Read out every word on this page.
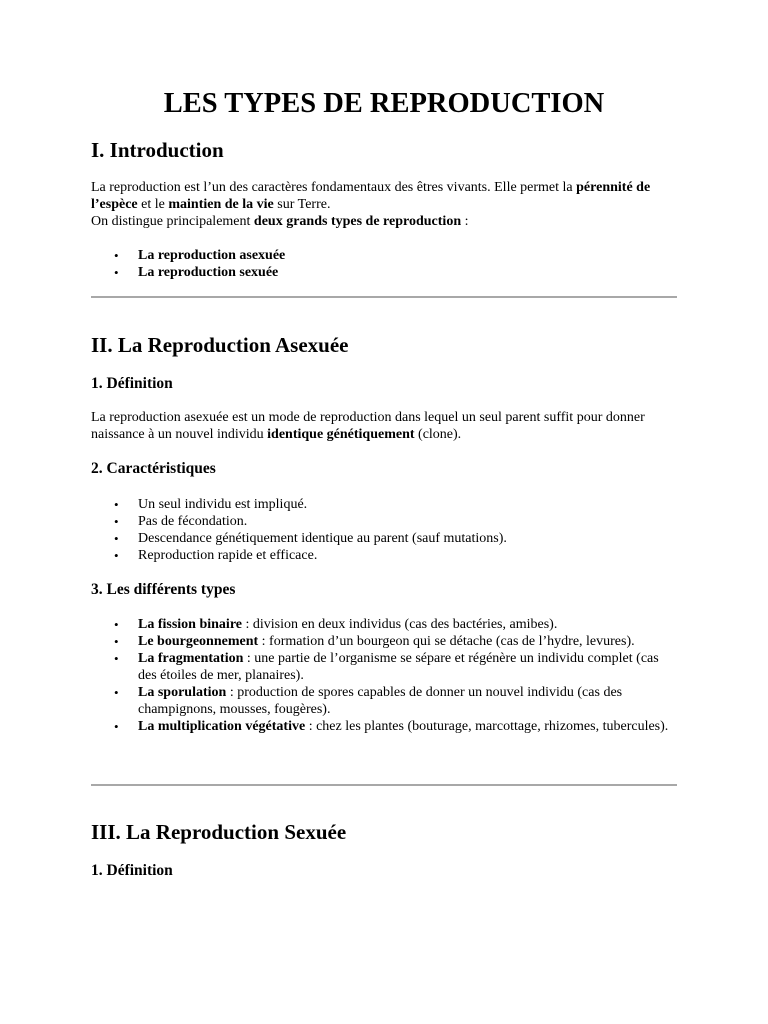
LES TYPES DE REPRODUCTION
I. Introduction

La reproduction est l’un des caractères fondamentaux des êtres vivants. Elle permet la pérennité de l’espèce et le maintien de la vie sur Terre.

On distingue principalement deux grands types de reproduction :

• La reproduction asexuée
• La reproduction sexuée
II. La Reproduction Asexuée
1. Définition

La reproduction asexuée est un mode de reproduction dans lequel un seul parent suffit pour donner naissance à un nouvel individu identique génétiquement (clone).

2. Caractéristiques
• Un seul individu est impliqué.
• Pas de fécondation.
• Descendance génétiquement identique au parent (sauf mutations).
• Reproduction rapide et efficace.
3. Les différents types
• La fission binaire : division en deux individus (cas des bactéries, amibes).
• Le bourgeonnement : formation d’un bourgeon qui se détache (cas de l’hydre, levures).
• La fragmentation : une partie de l’organisme se sépare et régénère un individu complet (cas des étoiles de mer, planaires).
• La sporulation : production de spores capables de donner un nouvel individu (cas des champignons, mousses, fougères).
• La multiplication végétative : chez les plantes (bouturage, marcottage, rhizomes, tubercules).
III. La Reproduction Sexuée
1. Définition
